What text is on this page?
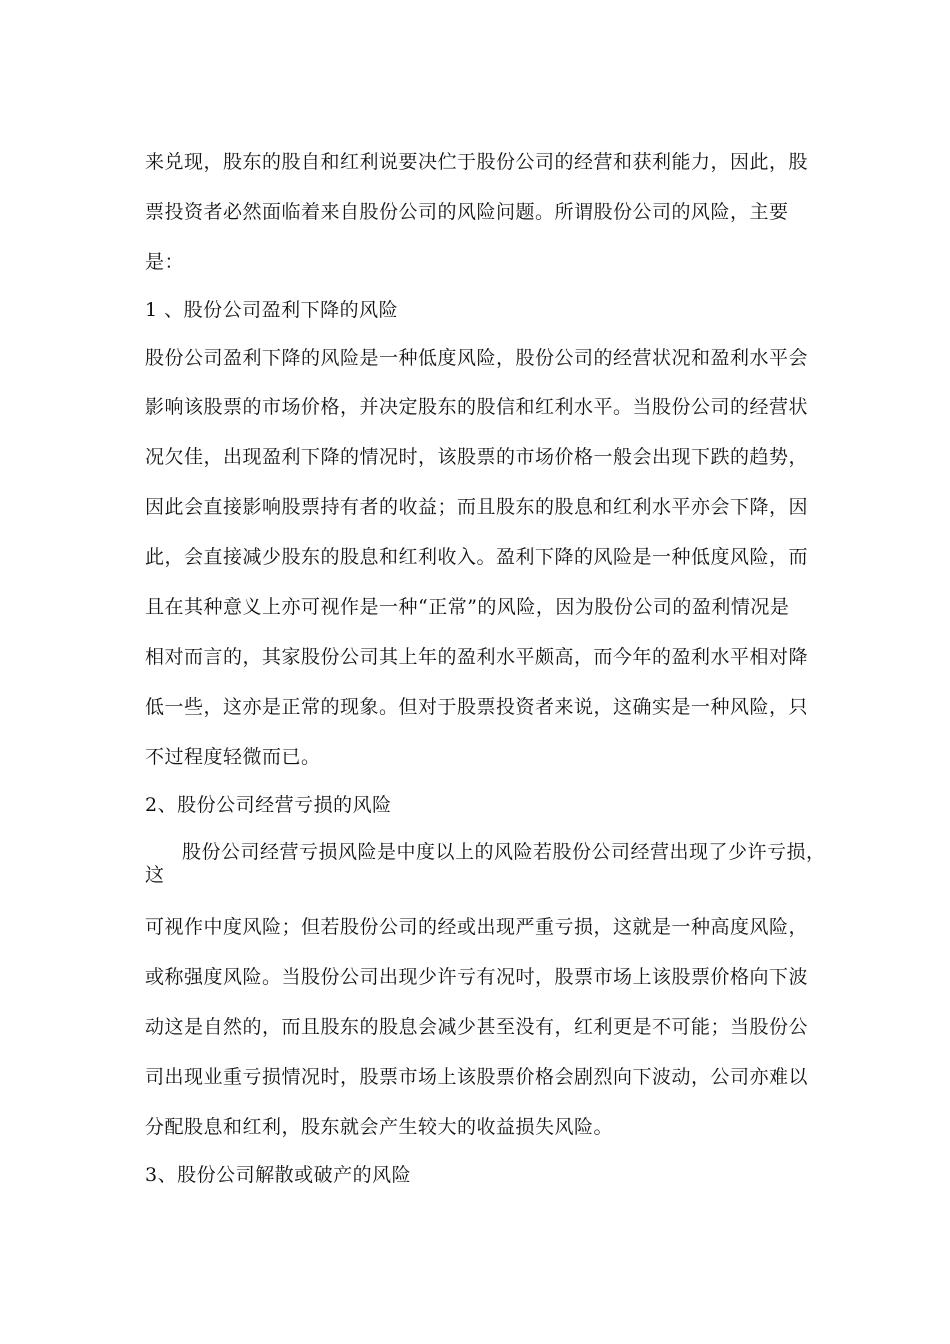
来兑现，股东的股自和红利说要决伫于股份公司的经营和获利能力，因此，股
票投资者必然面临着来自股份公司的风险问题。所谓股份公司的风险，主要
是：
1 、股份公司盈利下降的风险
股份公司盈利下降的风险是一种低度风险，股份公司的经营状况和盈利水平会
影响该股票的市场价格，并决定股东的股信和红利水平。当股份公司的经营状
况欠佳，出现盈利下降的情况时，该股票的市场价格一般会出现下跌的趋势，
因此会直接影响股票持有者的收益；而且股东的股息和红利水平亦会下降，因
此，会直接减少股东的股息和红利收入。盈利下降的风险是一种低度风险，而
且在其种意义上亦可视作是一种“正常”的风险，因为股份公司的盈利情况是
相对而言的，其家股份公司其上年的盈利水平颇高，而今年的盈利水平相对降
低一些，这亦是正常的现象。但对于股票投资者来说，这确实是一种风险，只
不过程度轻微而已。
2、股份公司经营亏损的风险
股份公司经营亏损风险是中度以上的风险若股份公司经营出现了少许亏损，
这
可视作中度风险；但若股份公司的经或出现严重亏损，这就是一种高度风险，
或称强度风险。当股份公司出现少许亏有况吋，股票市场上该股票价格向下波
动这是自然的，而且股东的股息会减少甚至没有，红利更是不可能；当股份公
司出现业重亏损情况时，股票市场上该股票价格会剧烈向下波动，公司亦难以
分配股息和红利，股东就会产生较大的收益损失风险。
3、股份公司解散或破产的风险
